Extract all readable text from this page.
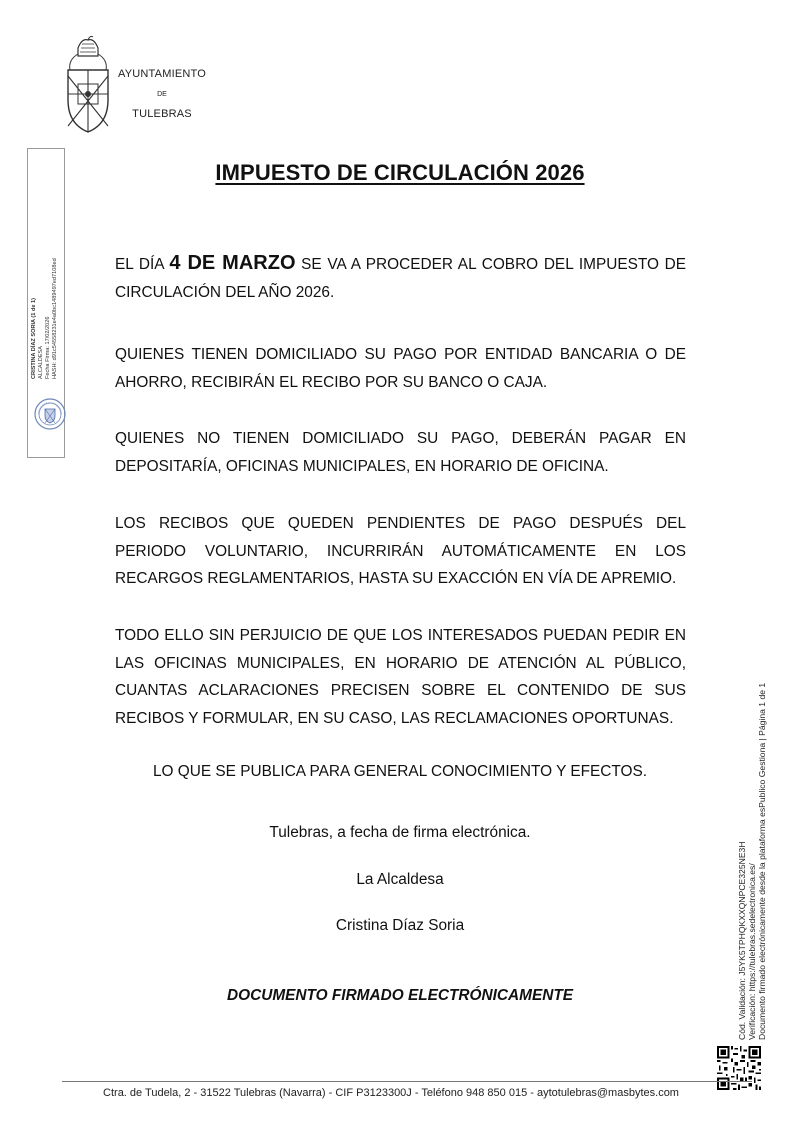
AYUNTAMIENTO
DE
TULEBRAS
CRISTINA DÍAZ SORIA (1 de 1) ALCALDESA Fecha Firma: 17/02/2026 HASH: d91c54558231e4a0bc1489497ed7108ed
IMPUESTO DE CIRCULACIÓN 2026
EL DÍA 4 DE MARZO SE VA A PROCEDER AL COBRO DEL IMPUESTO DE CIRCULACIÓN DEL AÑO 2026.
QUIENES TIENEN DOMICILIADO SU PAGO POR ENTIDAD BANCARIA O DE AHORRO, RECIBIRÁN EL RECIBO POR SU BANCO O CAJA.
QUIENES NO TIENEN DOMICILIADO SU PAGO, DEBERÁN PAGAR EN DEPOSITARÍA, OFICINAS MUNICIPALES, EN HORARIO DE OFICINA.
LOS RECIBOS QUE QUEDEN PENDIENTES DE PAGO DESPUÉS DEL PERIODO VOLUNTARIO, INCURRIRÁN AUTOMÁTICAMENTE EN LOS RECARGOS REGLAMENTARIOS, HASTA SU EXACCIÓN EN VÍA DE APREMIO.
TODO ELLO SIN PERJUICIO DE QUE LOS INTERESADOS PUEDAN PEDIR EN LAS OFICINAS MUNICIPALES, EN HORARIO DE ATENCIÓN AL PÚBLICO, CUANTAS ACLARACIONES PRECISEN SOBRE EL CONTENIDO DE SUS RECIBOS Y FORMULAR, EN SU CASO, LAS RECLAMACIONES OPORTUNAS.
LO QUE SE PUBLICA PARA GENERAL CONOCIMIENTO Y EFECTOS.
Tulebras, a fecha de firma electrónica.
La Alcaldesa
Cristina Díaz Soria
DOCUMENTO FIRMADO ELECTRÓNICAMENTE	Cód. Validación: J5YK5TPHQKXXQNPCE325NE3H Verificación: https://tulebras.sedelectronica.es/ Documento firmado electrónicamente desde la plataforma esPublico Gestiona | Página 1 de 1
Ctra. de Tudela, 2 - 31522 Tulebras (Navarra) - CIF P3123300J - Teléfono 948 850 015 - aytotulebras@masbytes.com
